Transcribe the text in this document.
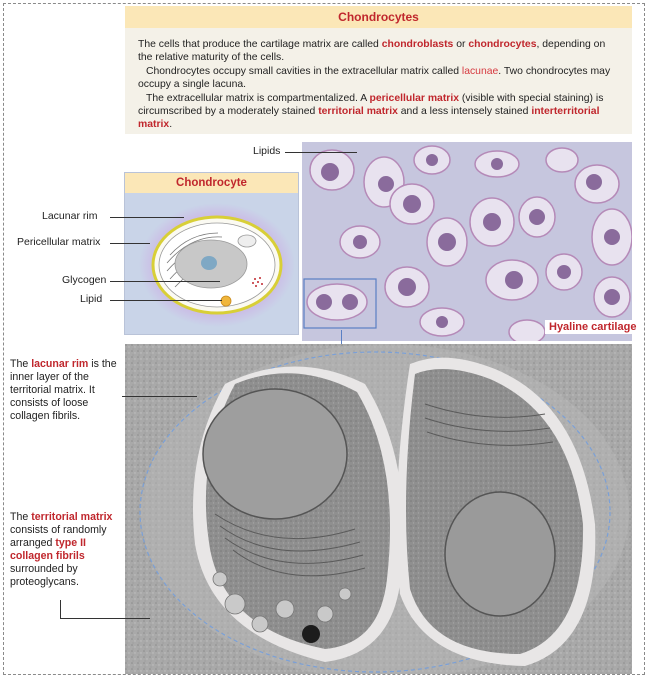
Chondrocytes

The cells that produce the cartilage matrix are called chondroblasts or chondrocytes, depending on the relative maturity of the cells.

Chondrocytes occupy small cavities in the extracellular matrix called lacunae. Two chondrocytes may occupy a single lacuna.

The extracellular matrix is compartmentalized. A pericellular matrix (visible with special staining) is circumscribed by a moderately stained territorial matrix and a less intensely stained interterritorial matrix.

Chondrocyte
Lacunar rim
Pericellular matrix
Glycogen
Lipid
Lipids
Hyaline cartilage
The lacunar rim is the inner layer of the territorial matrix. It consists of loose collagen fibrils.
The territorial matrix consists of randomly arranged type II collagen fibrils surrounded by proteoglycans.
